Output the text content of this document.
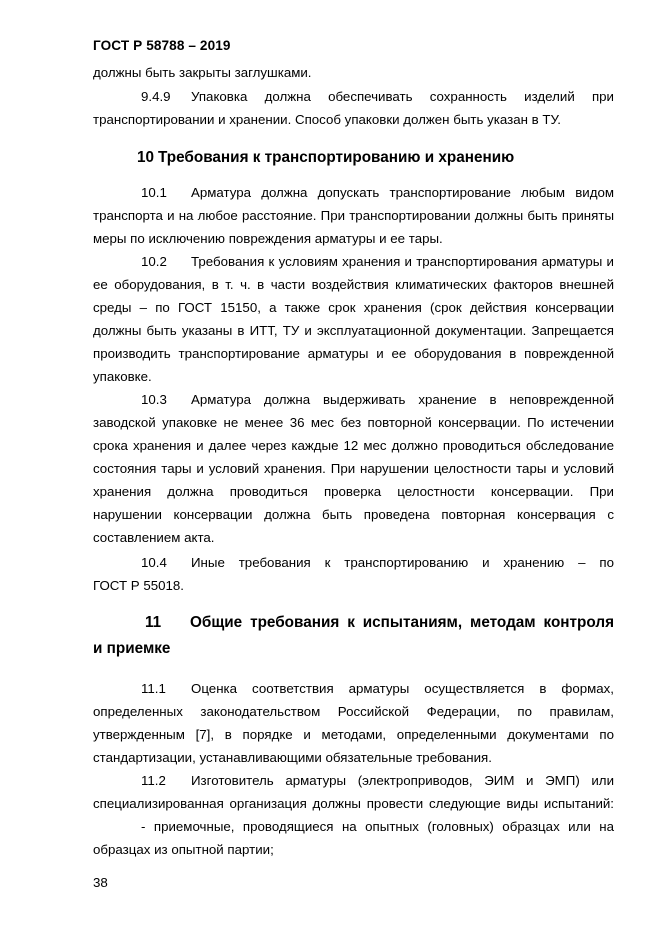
ГОСТ Р 58788 – 2019
должны быть закрыты заглушками.
9.4.9 Упаковка должна обеспечивать сохранность изделий при
транспортировании и хранении. Способ упаковки должен быть указан в ТУ.
10 Требования к транспортированию и хранению
10.1 Арматура должна допускать транспортирование любым видом
транспорта и на любое расстояние. При транспортировании должны быть приняты
меры по исключению повреждения арматуры и ее тары.
10.2 Требования к условиям хранения и транспортирования арматуры и
ее оборудования, в т. ч. в части воздействия климатических факторов внешней
среды – по ГОСТ 15150, а также срок хранения (срок действия консервации
должны быть указаны в ИТТ, ТУ и эксплуатационной документации. Запрещается
производить транспортирование арматуры и ее оборудования в поврежденной
упаковке.
10.3 Арматура должна выдерживать хранение в неповрежденной
заводской упаковке не менее 36 мес без повторной консервации. По истечении
срока хранения и далее через каждые 12 мес должно проводиться обследование
состояния тары и условий хранения. При нарушении целостности тары и условий
хранения должна проводиться проверка целостности консервации. При
нарушении консервации должна быть проведена повторная консервация с
составлением акта.
10.4 Иные требования к транспортированию и хранению – по
ГОСТ Р 55018.
11 Общие требования к испытаниям, методам контроля
и приемке
11.1 Оценка соответствия арматуры осуществляется в формах,
определенных законодательством Российской Федерации, по правилам,
утвержденным [7], в порядке и методами, определенными документами по
стандартизации, устанавливающими обязательные требования.
11.2 Изготовитель арматуры (электроприводов, ЭИМ и ЭМП) или
специализированная организация должны провести следующие виды испытаний:
- приемочные, проводящиеся на опытных (головных) образцах или на
образцах из опытной партии;
38
